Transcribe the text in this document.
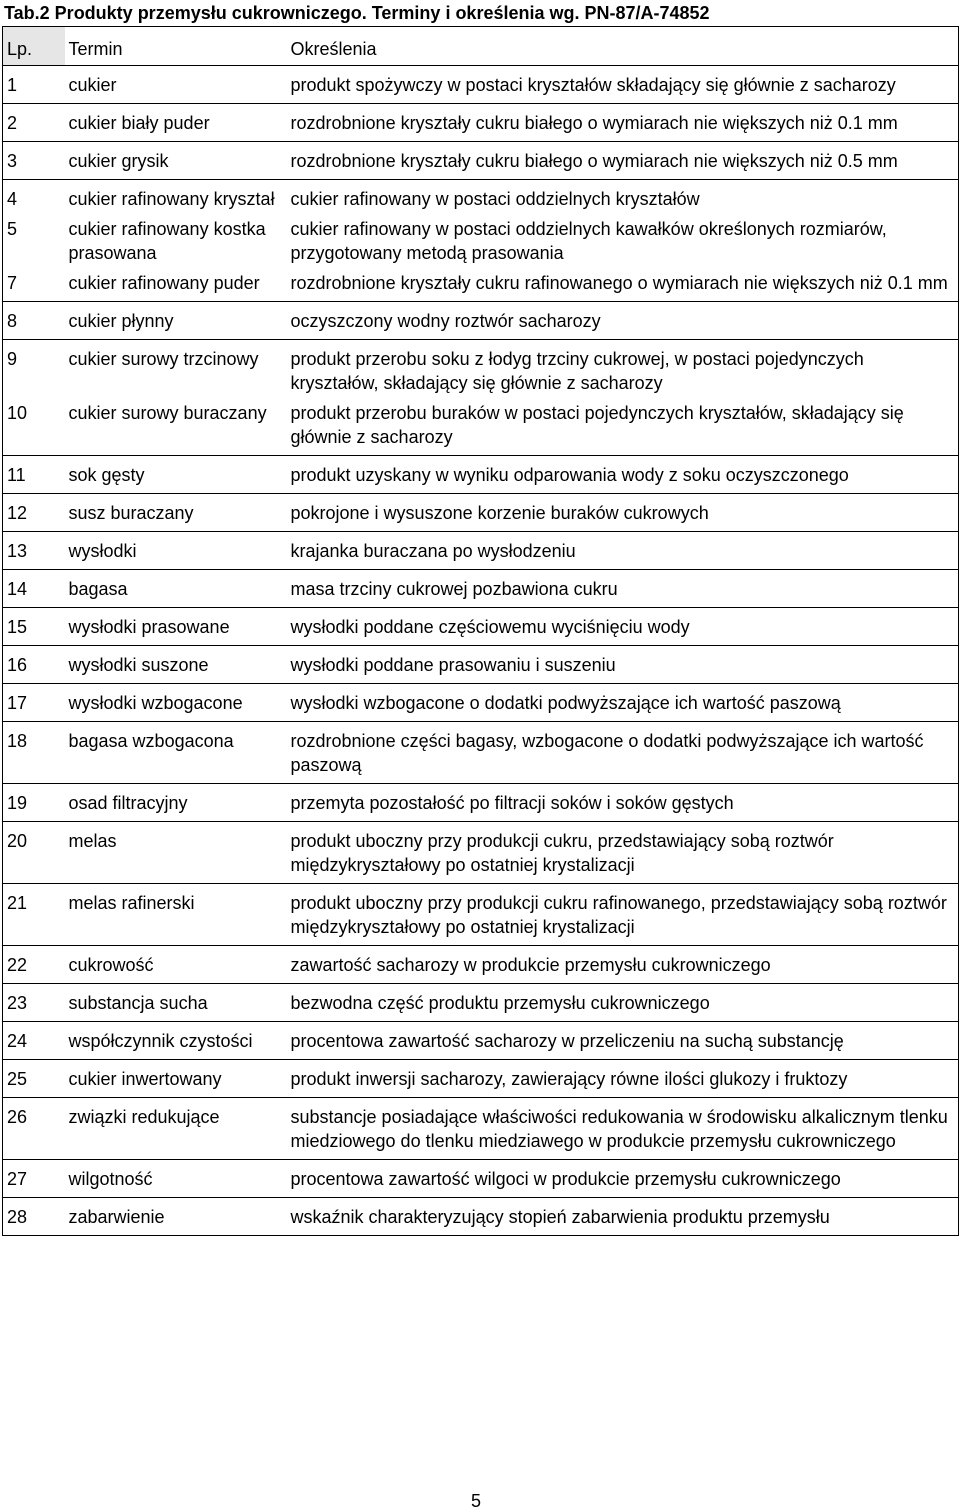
Tab.2 Produkty przemysłu cukrowniczego. Terminy i określenia wg. PN-87/A-74852
Lp.	Termin	Określenia
1	cukier	produkt spożywczy w postaci kryształów składający się głównie z sacharozy
2	cukier biały puder	rozdrobnione kryształy cukru białego o wymiarach nie większych niż 0.1 mm
3	cukier grysik	rozdrobnione kryształy cukru białego o wymiarach nie większych niż 0.5 mm
4	cukier rafinowany kryształ	cukier rafinowany w postaci oddzielnych kryształów
5	cukier rafinowany kostka prasowana	cukier rafinowany w postaci oddzielnych kawałków określonych rozmiarów, przygotowany metodą prasowania
7	cukier rafinowany puder	rozdrobnione kryształy cukru rafinowanego o wymiarach nie większych niż 0.1 mm
8	cukier płynny	oczyszczony wodny roztwór sacharozy
9	cukier surowy trzcinowy	produkt przerobu soku z łodyg trzciny cukrowej, w postaci pojedynczych kryształów, składający się głównie z sacharozy
10	cukier surowy buraczany	produkt przerobu buraków w postaci pojedynczych kryształów, składający się głównie z sacharozy
11	sok gęsty	produkt uzyskany w wyniku odparowania wody z soku oczyszczonego
12	susz buraczany	pokrojone i wysuszone korzenie buraków cukrowych
13	wysłodki	krajanka buraczana po wysłodzeniu
14	bagasa	masa trzciny cukrowej pozbawiona cukru
15	wysłodki prasowane	wysłodki poddane częściowemu wyciśnięciu wody
16	wysłodki suszone	wysłodki poddane prasowaniu i suszeniu
17	wysłodki wzbogacone	wysłodki wzbogacone o dodatki podwyższające ich wartość paszową
18	bagasa wzbogacona	rozdrobnione części bagasy, wzbogacone o dodatki podwyższające ich wartość paszową
19	osad filtracyjny	przemyta pozostałość po filtracji soków i soków gęstych
20	melas	produkt uboczny przy produkcji cukru, przedstawiający sobą roztwór międzykryształowy po ostatniej krystalizacji
21	melas rafinerski	produkt uboczny przy produkcji cukru rafinowanego, przedstawiający sobą roztwór międzykryształowy po ostatniej krystalizacji
22	cukrowość	zawartość sacharozy w produkcie przemysłu cukrowniczego
23	substancja sucha	bezwodna część produktu przemysłu cukrowniczego
24	współczynnik czystości	procentowa zawartość sacharozy w przeliczeniu na suchą substancję
25	cukier inwertowany	produkt inwersji sacharozy, zawierający równe ilości glukozy i fruktozy
26	związki redukujące	substancje posiadające właściwości redukowania w środowisku alkalicznym tlenku miedziowego do tlenku miedziawego w produkcie przemysłu cukrowniczego
27	wilgotność	procentowa zawartość wilgoci w produkcie przemysłu cukrowniczego
28	zabarwienie	wskaźnik charakteryzujący stopień zabarwienia produktu przemysłu
5
